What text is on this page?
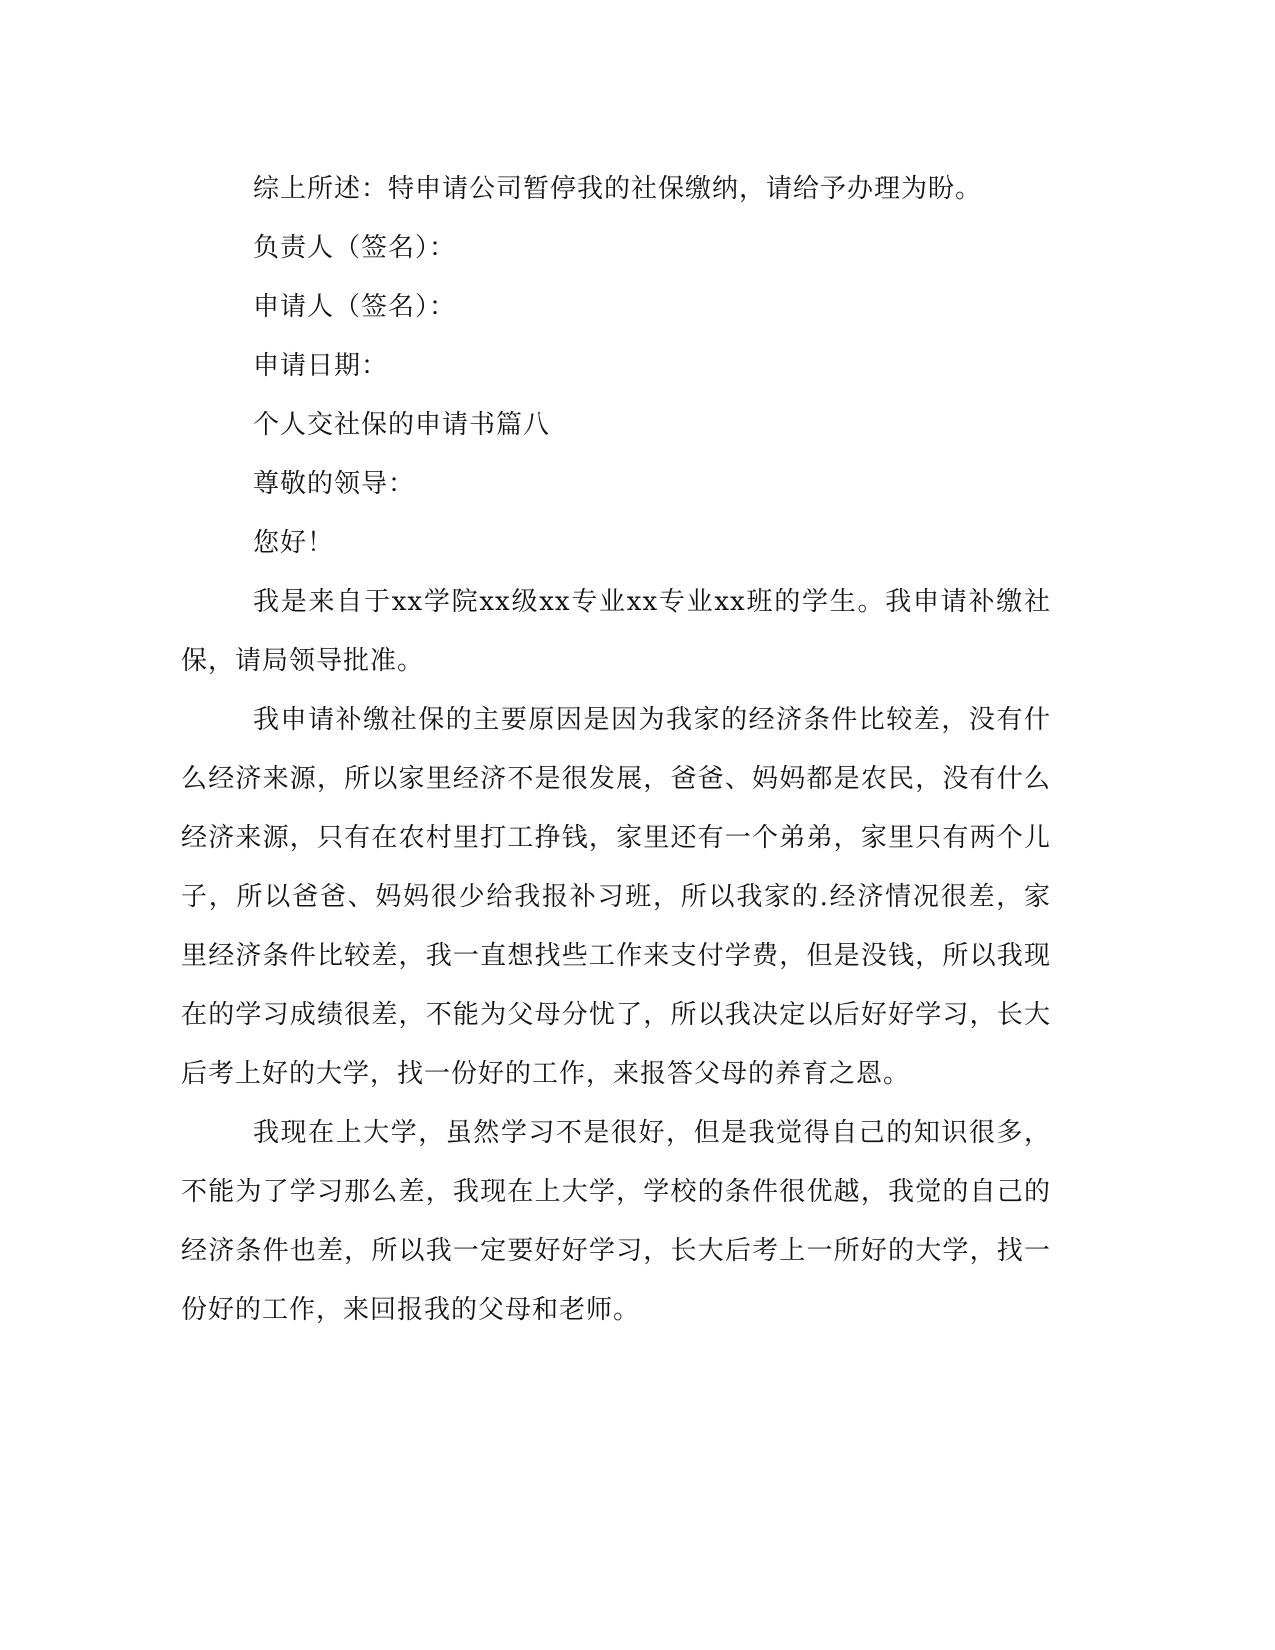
综上所述：特申请公司暂停我的社保缴纳，请给予办理为盼。

负责人（签名）：

申请人（签名）：

申请日期：

个人交社保的申请书篇八

尊敬的领导：

您好！

我是来自于xx学院xx级xx专业xx专业xx班的学生。我申请补缴社保，请局领导批准。

我申请补缴社保的主要原因是因为我家的经济条件比较差，没有什么经济来源，所以家里经济不是很发展，爸爸、妈妈都是农民，没有什么经济来源，只有在农村里打工挣钱，家里还有一个弟弟，家里只有两个儿子，所以爸爸、妈妈很少给我报补习班，所以我家的.经济情况很差，家里经济条件比较差，我一直想找些工作来支付学费，但是没钱，所以我现在的学习成绩很差，不能为父母分忧了，所以我决定以后好好学习，长大后考上好的大学，找一份好的工作，来报答父母的养育之恩。

我现在上大学，虽然学习不是很好，但是我觉得自己的知识很多，不能为了学习那么差，我现在上大学，学校的条件很优越，我觉的自己的经济条件也差，所以我一定要好好学习，长大后考上一所好的大学，找一份好的工作，来回报我的父母和老师。
